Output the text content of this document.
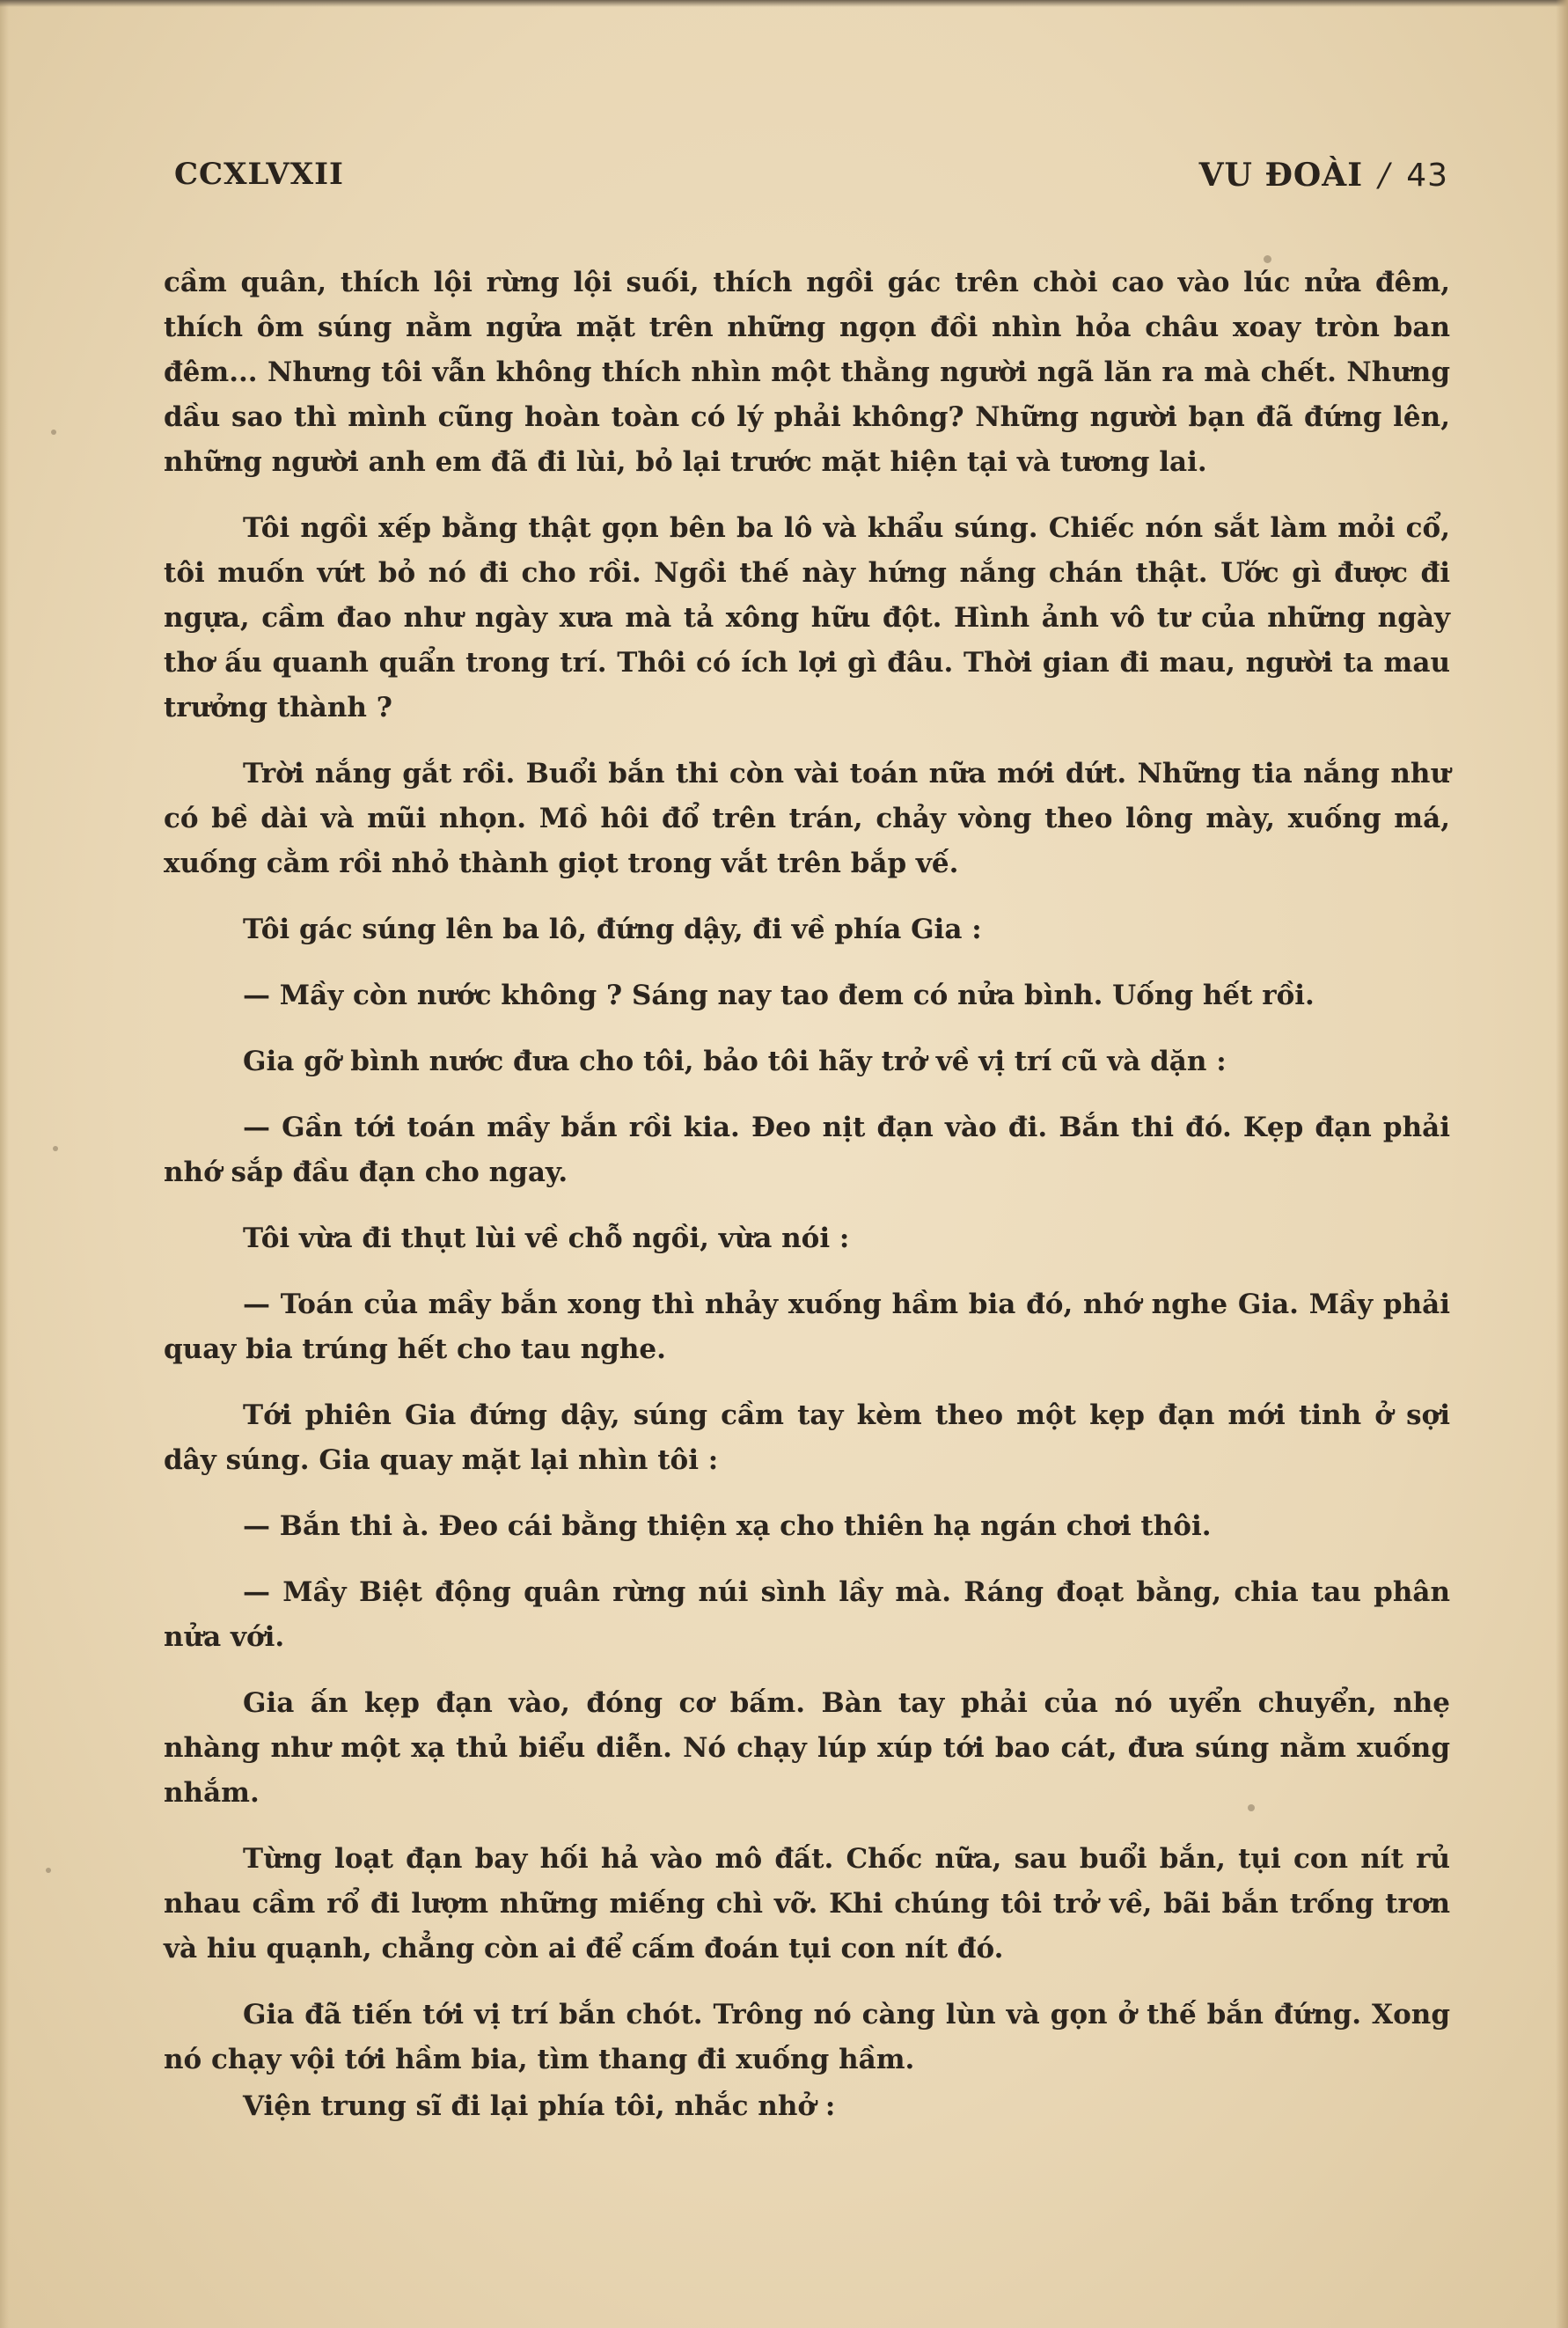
CCXLVXII	VU ĐOÀI / 43

cầm quân, thích lội rừng lội suối, thích ngồi gác trên chòi cao vào lúc nửa đêm, thích ôm súng nằm ngửa mặt trên những ngọn đồi nhìn hỏa châu xoay tròn ban đêm... Nhưng tôi vẫn không thích nhìn một thằng người ngã lăn ra mà chết. Nhưng dầu sao thì mình cũng hoàn toàn có lý phải không? Những người bạn đã đứng lên, những người anh em đã đi lùi, bỏ lại trước mặt hiện tại và tương lai.

Tôi ngồi xếp bằng thật gọn bên ba lô và khẩu súng. Chiếc nón sắt làm mỏi cổ, tôi muốn vứt bỏ nó đi cho rồi. Ngồi thế này hứng nắng chán thật. Ước gì được đi ngựa, cầm đao như ngày xưa mà tả xông hữu đột. Hình ảnh vô tư của những ngày thơ ấu quanh quẩn trong trí. Thôi có ích lợi gì đâu. Thời gian đi mau, người ta mau trưởng thành ?

Trời nắng gắt rồi. Buổi bắn thi còn vài toán nữa mới dứt. Những tia nắng như có bề dài và mũi nhọn. Mồ hôi đổ trên trán, chảy vòng theo lông mày, xuống má, xuống cằm rồi nhỏ thành giọt trong vắt trên bắp vế.

Tôi gác súng lên ba lô, đứng dậy, đi về phía Gia :

— Mầy còn nước không ? Sáng nay tao đem có nửa bình. Uống hết rồi.

Gia gỡ bình nước đưa cho tôi, bảo tôi hãy trở về vị trí cũ và dặn :

— Gần tới toán mầy bắn rồi kia. Đeo nịt đạn vào đi. Bắn thi đó. Kẹp đạn phải nhớ sắp đầu đạn cho ngay.

Tôi vừa đi thụt lùi về chỗ ngồi, vừa nói :

— Toán của mầy bắn xong thì nhảy xuống hầm bia đó, nhớ nghe Gia. Mầy phải quay bia trúng hết cho tau nghe.

Tới phiên Gia đứng dậy, súng cầm tay kèm theo một kẹp đạn mới tinh ở sợi dây súng. Gia quay mặt lại nhìn tôi :

— Bắn thi à. Đeo cái bằng thiện xạ cho thiên hạ ngán chơi thôi.

— Mầy Biệt động quân rừng núi sình lầy mà. Ráng đoạt bằng, chia tau phân nửa với.

Gia ấn kẹp đạn vào, đóng cơ bấm. Bàn tay phải của nó uyển chuyển, nhẹ nhàng như một xạ thủ biểu diễn. Nó chạy lúp xúp tới bao cát, đưa súng nằm xuống nhắm.

Từng loạt đạn bay hối hả vào mô đất. Chốc nữa, sau buổi bắn, tụi con nít rủ nhau cầm rổ đi lượm những miếng chì vỡ. Khi chúng tôi trở về, bãi bắn trống trơn và hiu quạnh, chẳng còn ai để cấm đoán tụi con nít đó.

Gia đã tiến tới vị trí bắn chót. Trông nó càng lùn và gọn ở thế bắn đứng. Xong nó chạy vội tới hầm bia, tìm thang đi xuống hầm.

Viện trung sĩ đi lại phía tôi, nhắc nhở :
